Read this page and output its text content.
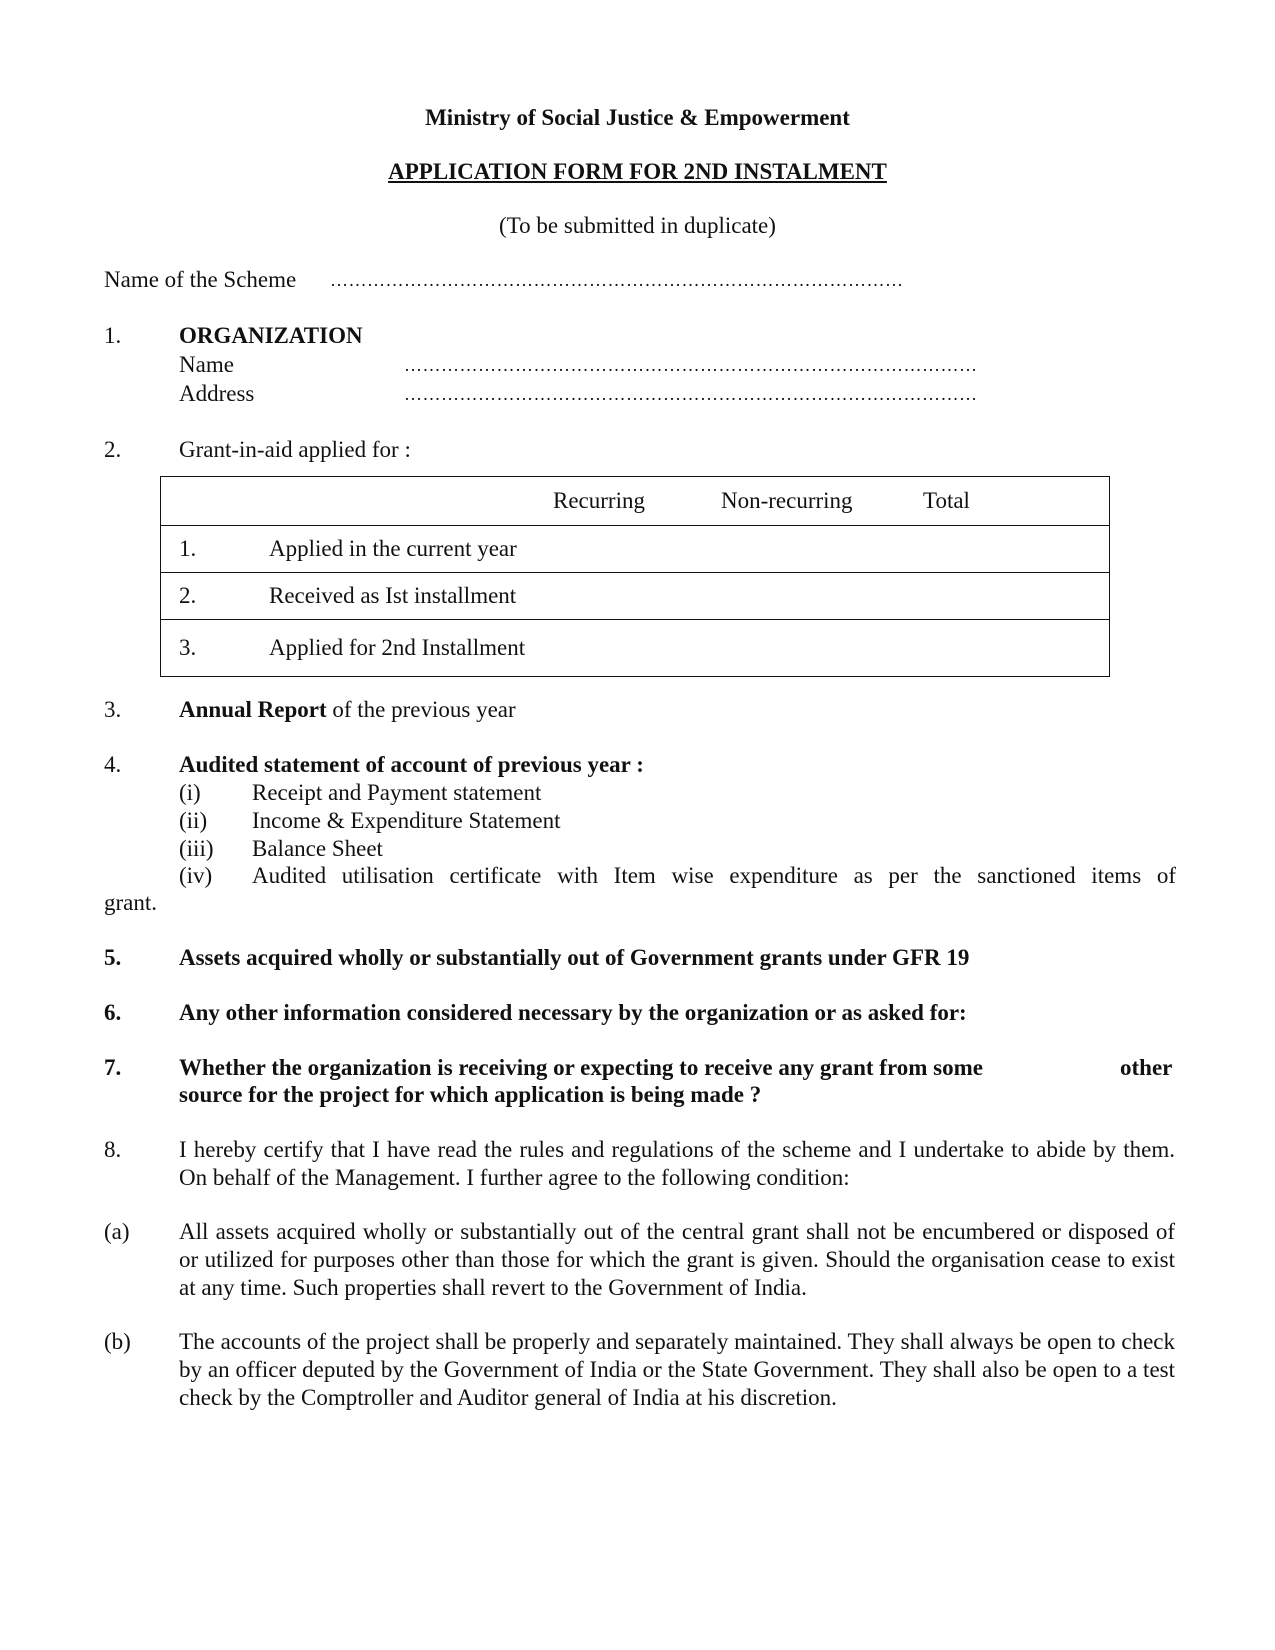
Ministry of Social Justice & Empowerment
APPLICATION FORM FOR 2ND INSTALMENT
(To be submitted in duplicate)
Name of the Scheme …………………………………………………………………………………
1.	ORGANIZATION
Name	…………………………………………………………………………………
Address	…………………………………………………………………………………
2.	Grant-in-aid applied for :
Recurring Non-recurring Total	

1.	Applied in the current year
2.	Received as Ist installment
3.	Applied for 2nd Installment
3.	Annual Report of the previous year
4.	Audited statement of account of previous year :
(i) Receipt and Payment statement
(ii) Income & Expenditure Statement
(iii) Balance Sheet
(iv) Audited utilisation certificate with Item wise expenditure as per the sanctioned items of
grant.
5.	Assets acquired wholly or substantially out of Government grants under GFR 19
6.	Any other information considered necessary by the organization or as asked for:
7.	Whether the organization is receiving or expecting to receive any grant from some	other
source for the project for which application is being made ?
8.	I hereby certify that I have read the rules and regulations of the scheme and I undertake to abide by them. On behalf of the Management. I further agree to the following condition:
(a) All assets acquired wholly or substantially out of the central grant shall not be encumbered or disposed of or utilized for purposes other than those for which the grant is given. Should the organisation cease to exist at any time. Such properties shall revert to the Government of India.
(b) The accounts of the project shall be properly and separately maintained. They shall always be open to check by an officer deputed by the Government of India or the State Government. They shall also be open to a test check by the Comptroller and Auditor general of India at his discretion.
